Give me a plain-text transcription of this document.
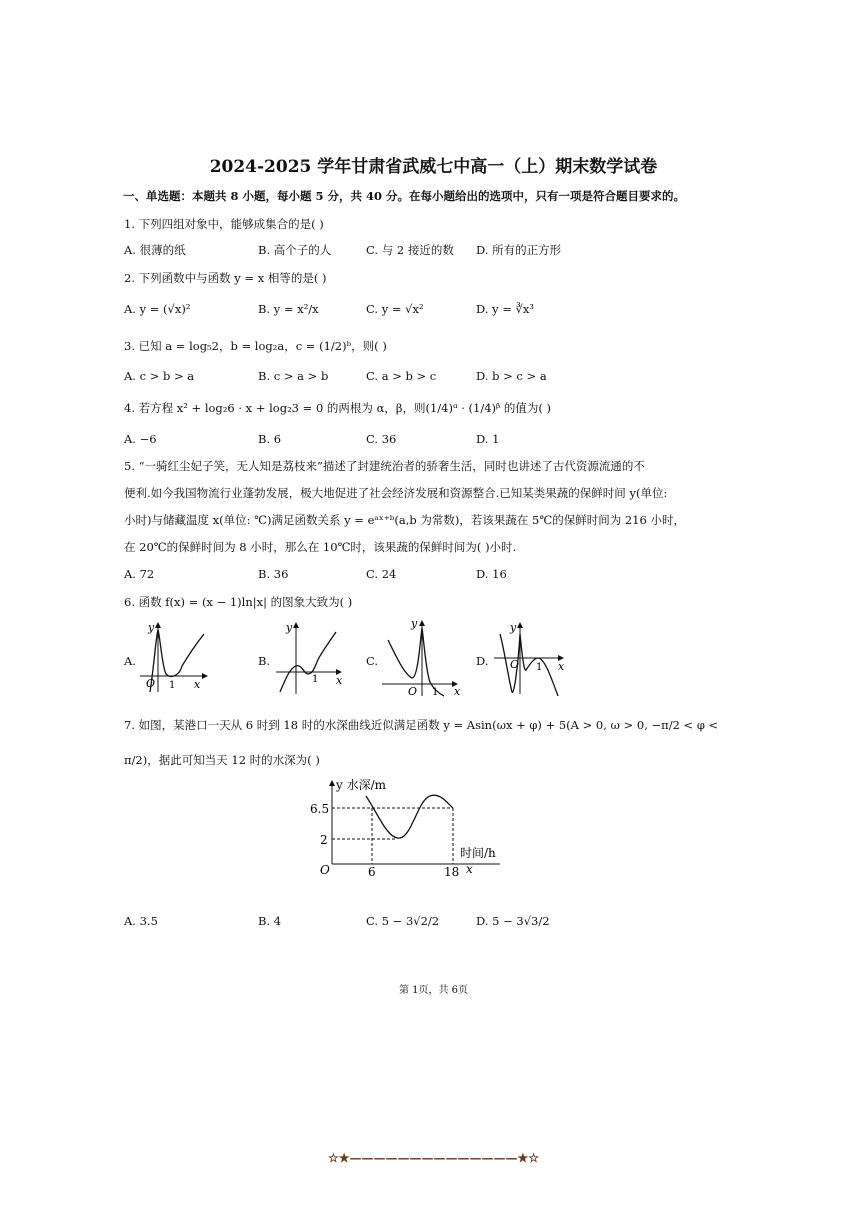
2024-2025 学年甘肃省武威七中高一（上）期末数学试卷
一、单选题：本题共 8 小题，每小题 5 分，共 40 分。在每小题给出的选项中，只有一项是符合题目要求的。
1. 下列四组对象中，能够成集合的是( )
A. 很薄的纸	B. 高个子的人	C. 与 2 接近的数 D. 所有的正方形
2. 下列函数中与函数 y = x 相等的是( )
A. y = (√x)²	B. y = x²/x	C. y = √x²	D. y = ∛x³
3. 已知 a = log₅2，b = log₂a，c = (1/2)ᵇ，则( )
A. c > b > a	B. c > a > b	C. a > b > c	D. b > c > a
4. 若方程 x² + log₂6 · x + log₂3 = 0 的两根为 α，β，则(1/4)ᵅ · (1/4)ᵝ 的值为( )
A. −6	B. 6	C. 36	D. 1
5. “一骑红尘妃子笑，无人知是荔枝来”描述了封建统治者的骄奢生活，同时也讲述了古代资源流通的不
便利.如今我国物流行业蓬勃发展，极大地促进了社会经济发展和资源整合.已知某类果蔬的保鲜时间 y(单位:
小时)与储藏温度 x(单位: ℃)满足函数关系 y = eᵃˣ⁺ᵇ(a,b 为常数)，若该果蔬在 5℃的保鲜时间为 216 小时，
在 20℃的保鲜时间为 8 小时，那么在 10℃时，该果蔬的保鲜时间为( )小时.
A. 72	B. 36	C. 24	D. 16
6. 函数 f(x) = (x − 1)ln|x| 的图象大致为( )
A.	B.	C.	D.
y
O 1 x
y
1 x
y
O 1 x
y
O 1 x
7. 如图，某港口一天从 6 时到 18 时的水深曲线近似满足函数 y = Asin(ωx + φ) + 5(A > 0, ω > 0, −π/2 < φ <
π/2)，据此可知当天 12 时的水深为( )
y 水深/m
6.5
2
时间/h
O	6	18 x
A. 3.5	B. 4	C. 5 − 3√2/2	D. 5 − 3√3/2
第 1页，共 6页
☆★——————————————★☆
